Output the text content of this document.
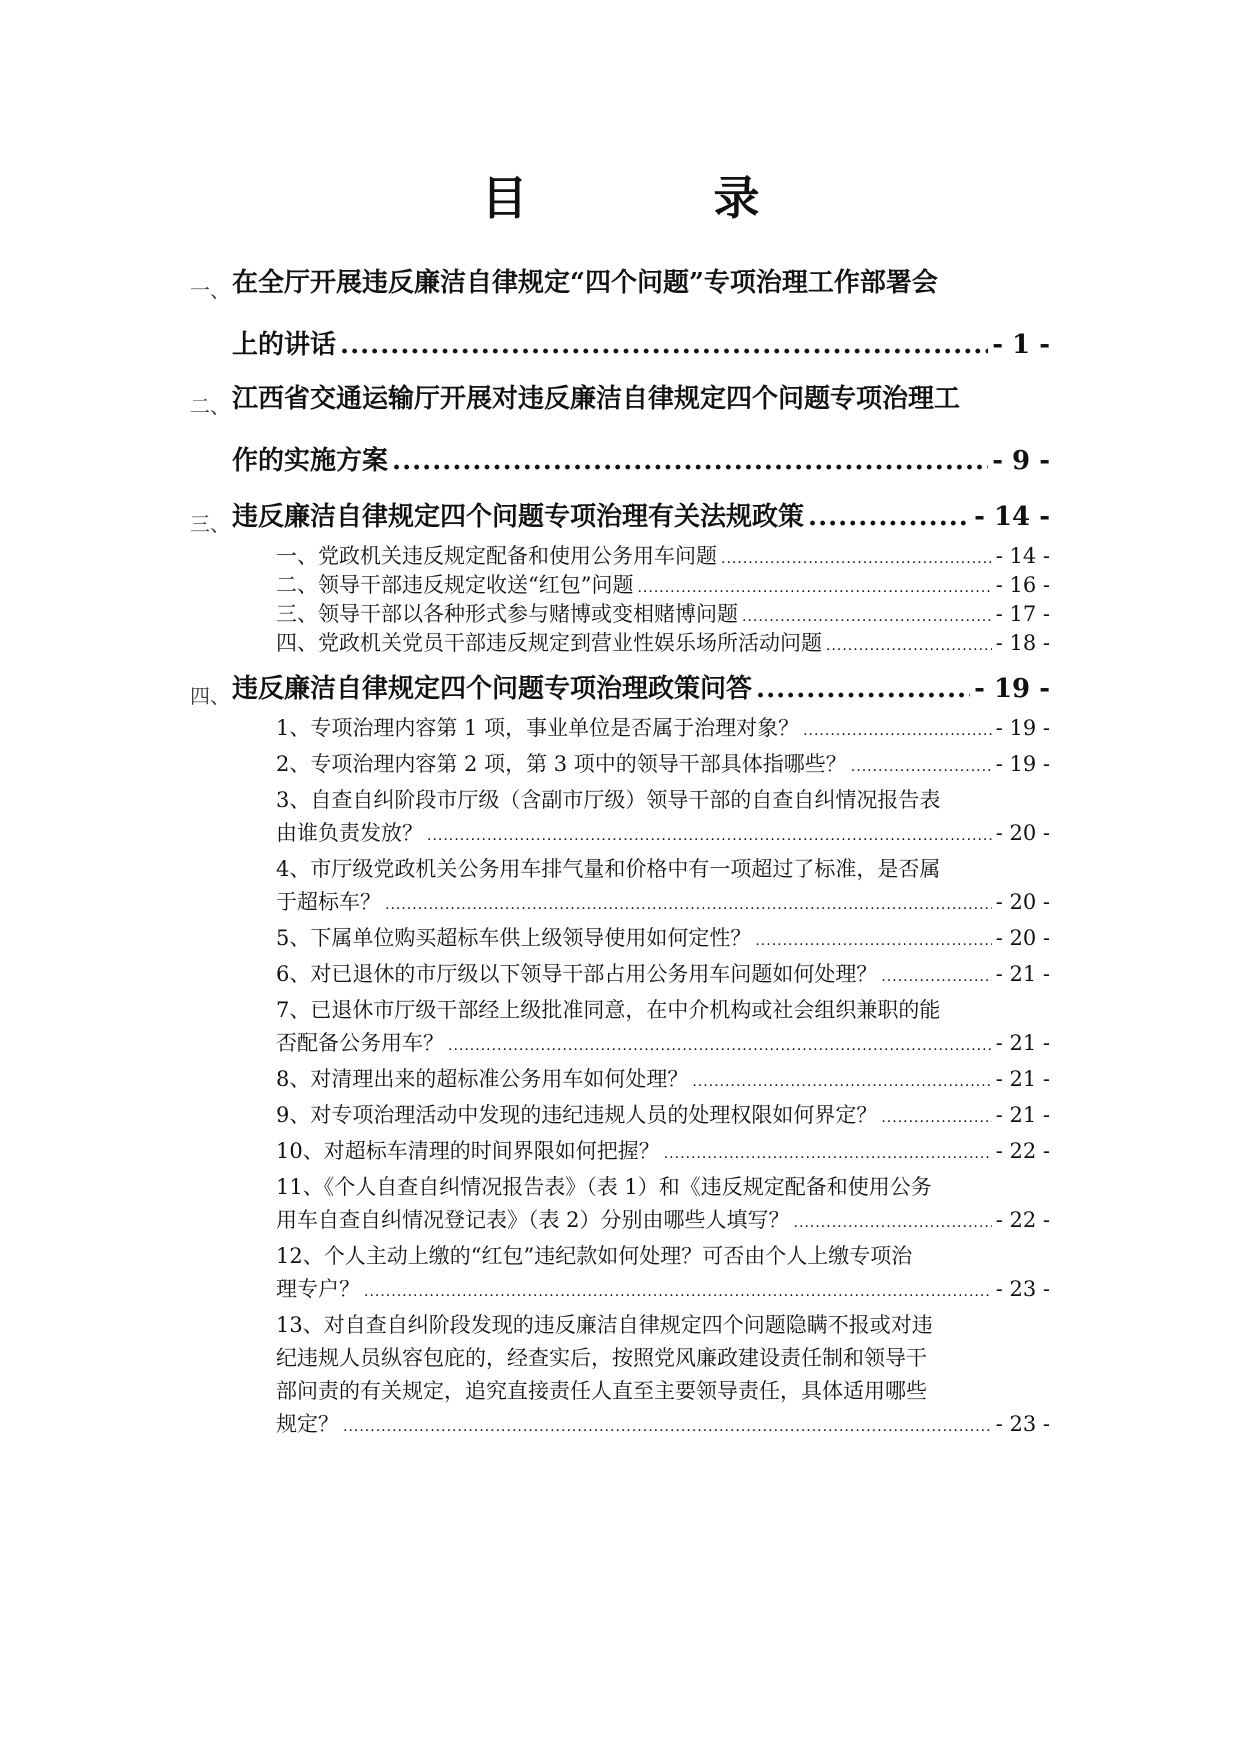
目　录
一、 在全厅开展违反廉洁自律规定“四个问题”专项治理工作部署会
上的讲话 .....	- 1 -
二、 江西省交通运输厅开展对违反廉洁自律规定四个问题专项治理工
作的实施方案 .....	- 9 -
三、 违反廉洁自律规定四个问题专项治理有关法规政策 .....	- 14 -
一、党政机关违反规定配备和使用公务用车问题 .....	- 14 -
二、领导干部违反规定收送“红包”问题 .....	- 16 -
三、领导干部以各种形式参与赌博或变相赌博问题 .....	- 17 -
四、党政机关党员干部违反规定到营业性娱乐场所活动问题 .....	- 18 -
四、 违反廉洁自律规定四个问题专项治理政策问答 .....	- 19 -
1、专项治理内容第 1 项，事业单位是否属于治理对象？ .....	- 19 -
2、专项治理内容第 2 项，第 3 项中的领导干部具体指哪些？ .....	- 19 -
3、自查自纠阶段市厅级（含副市厅级）领导干部的自查自纠情况报告表
由谁负责发放？ .....	- 20 -
4、市厅级党政机关公务用车排气量和价格中有一项超过了标准，是否属
于超标车？ .....	- 20 -
5、下属单位购买超标车供上级领导使用如何定性？ .....	- 20 -
6、对已退休的市厅级以下领导干部占用公务用车问题如何处理？ .....	- 21 -
7、已退休市厅级干部经上级批准同意，在中介机构或社会组织兼职的能
否配备公务用车？ .....	- 21 -
8、对清理出来的超标准公务用车如何处理？ .....	- 21 -
9、对专项治理活动中发现的违纪违规人员的处理权限如何界定？ .....	- 21 -
10、对超标车清理的时间界限如何把握？ .....	- 22 -
11、《个人自查自纠情况报告表》（表 1）和《违反规定配备和使用公务
用车自查自纠情况登记表》（表 2）分别由哪些人填写？ .....	- 22 -
12、个人主动上缴的“红包”违纪款如何处理？可否由个人上缴专项治
理专户？ .....	- 23 -
13、对自查自纠阶段发现的违反廉洁自律规定四个问题隐瞒不报或对违
纪违规人员纵容包庇的，经查实后，按照党风廉政建设责任制和领导干
部问责的有关规定，追究直接责任人直至主要领导责任，具体适用哪些
规定？ .....	- 23 -
